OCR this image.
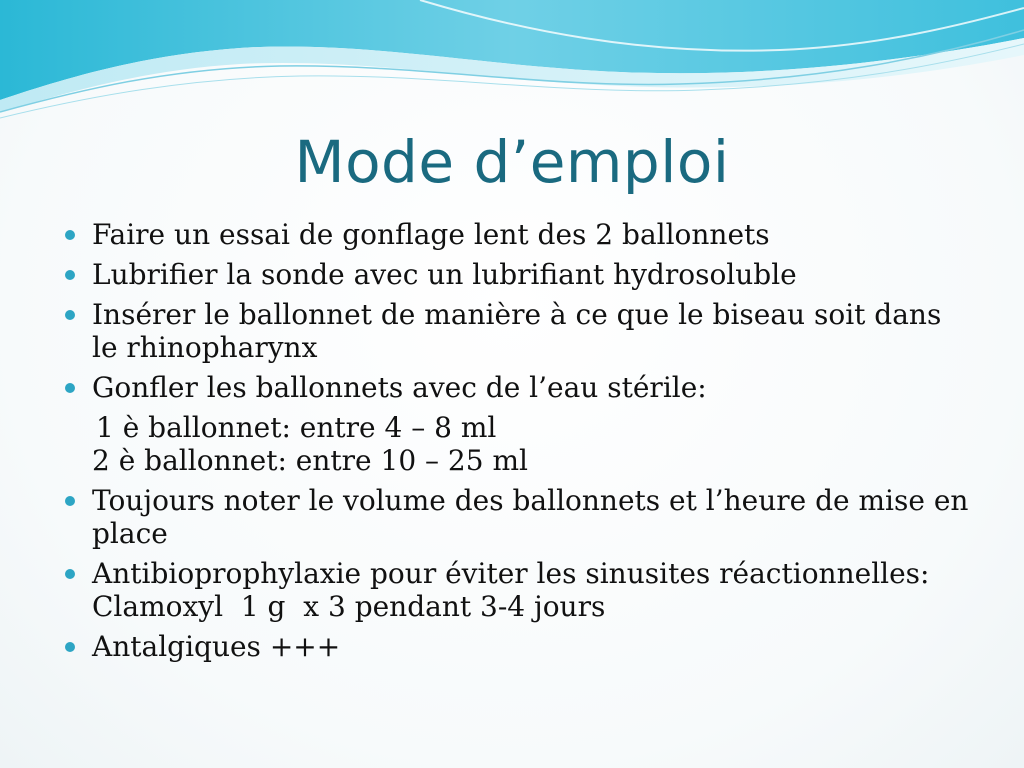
Mode d’emploi
Faire un essai de gonflage lent des 2 ballonnets
Lubrifier la sonde avec un lubrifiant hydrosoluble
Insérer le ballonnet de manière à ce que le biseau soit dans le rhinopharynx
Gonfler les ballonnets avec de l’eau stérile:
1 è ballonnet: entre 4 – 8 ml
2 è ballonnet: entre 10 – 25 ml
Toujours noter le volume des ballonnets et l’heure de mise en place
Antibioprophylaxie pour éviter les sinusites réactionnelles: Clamoxyl  1 g  x 3 pendant 3-4 jours
Antalgiques +++
